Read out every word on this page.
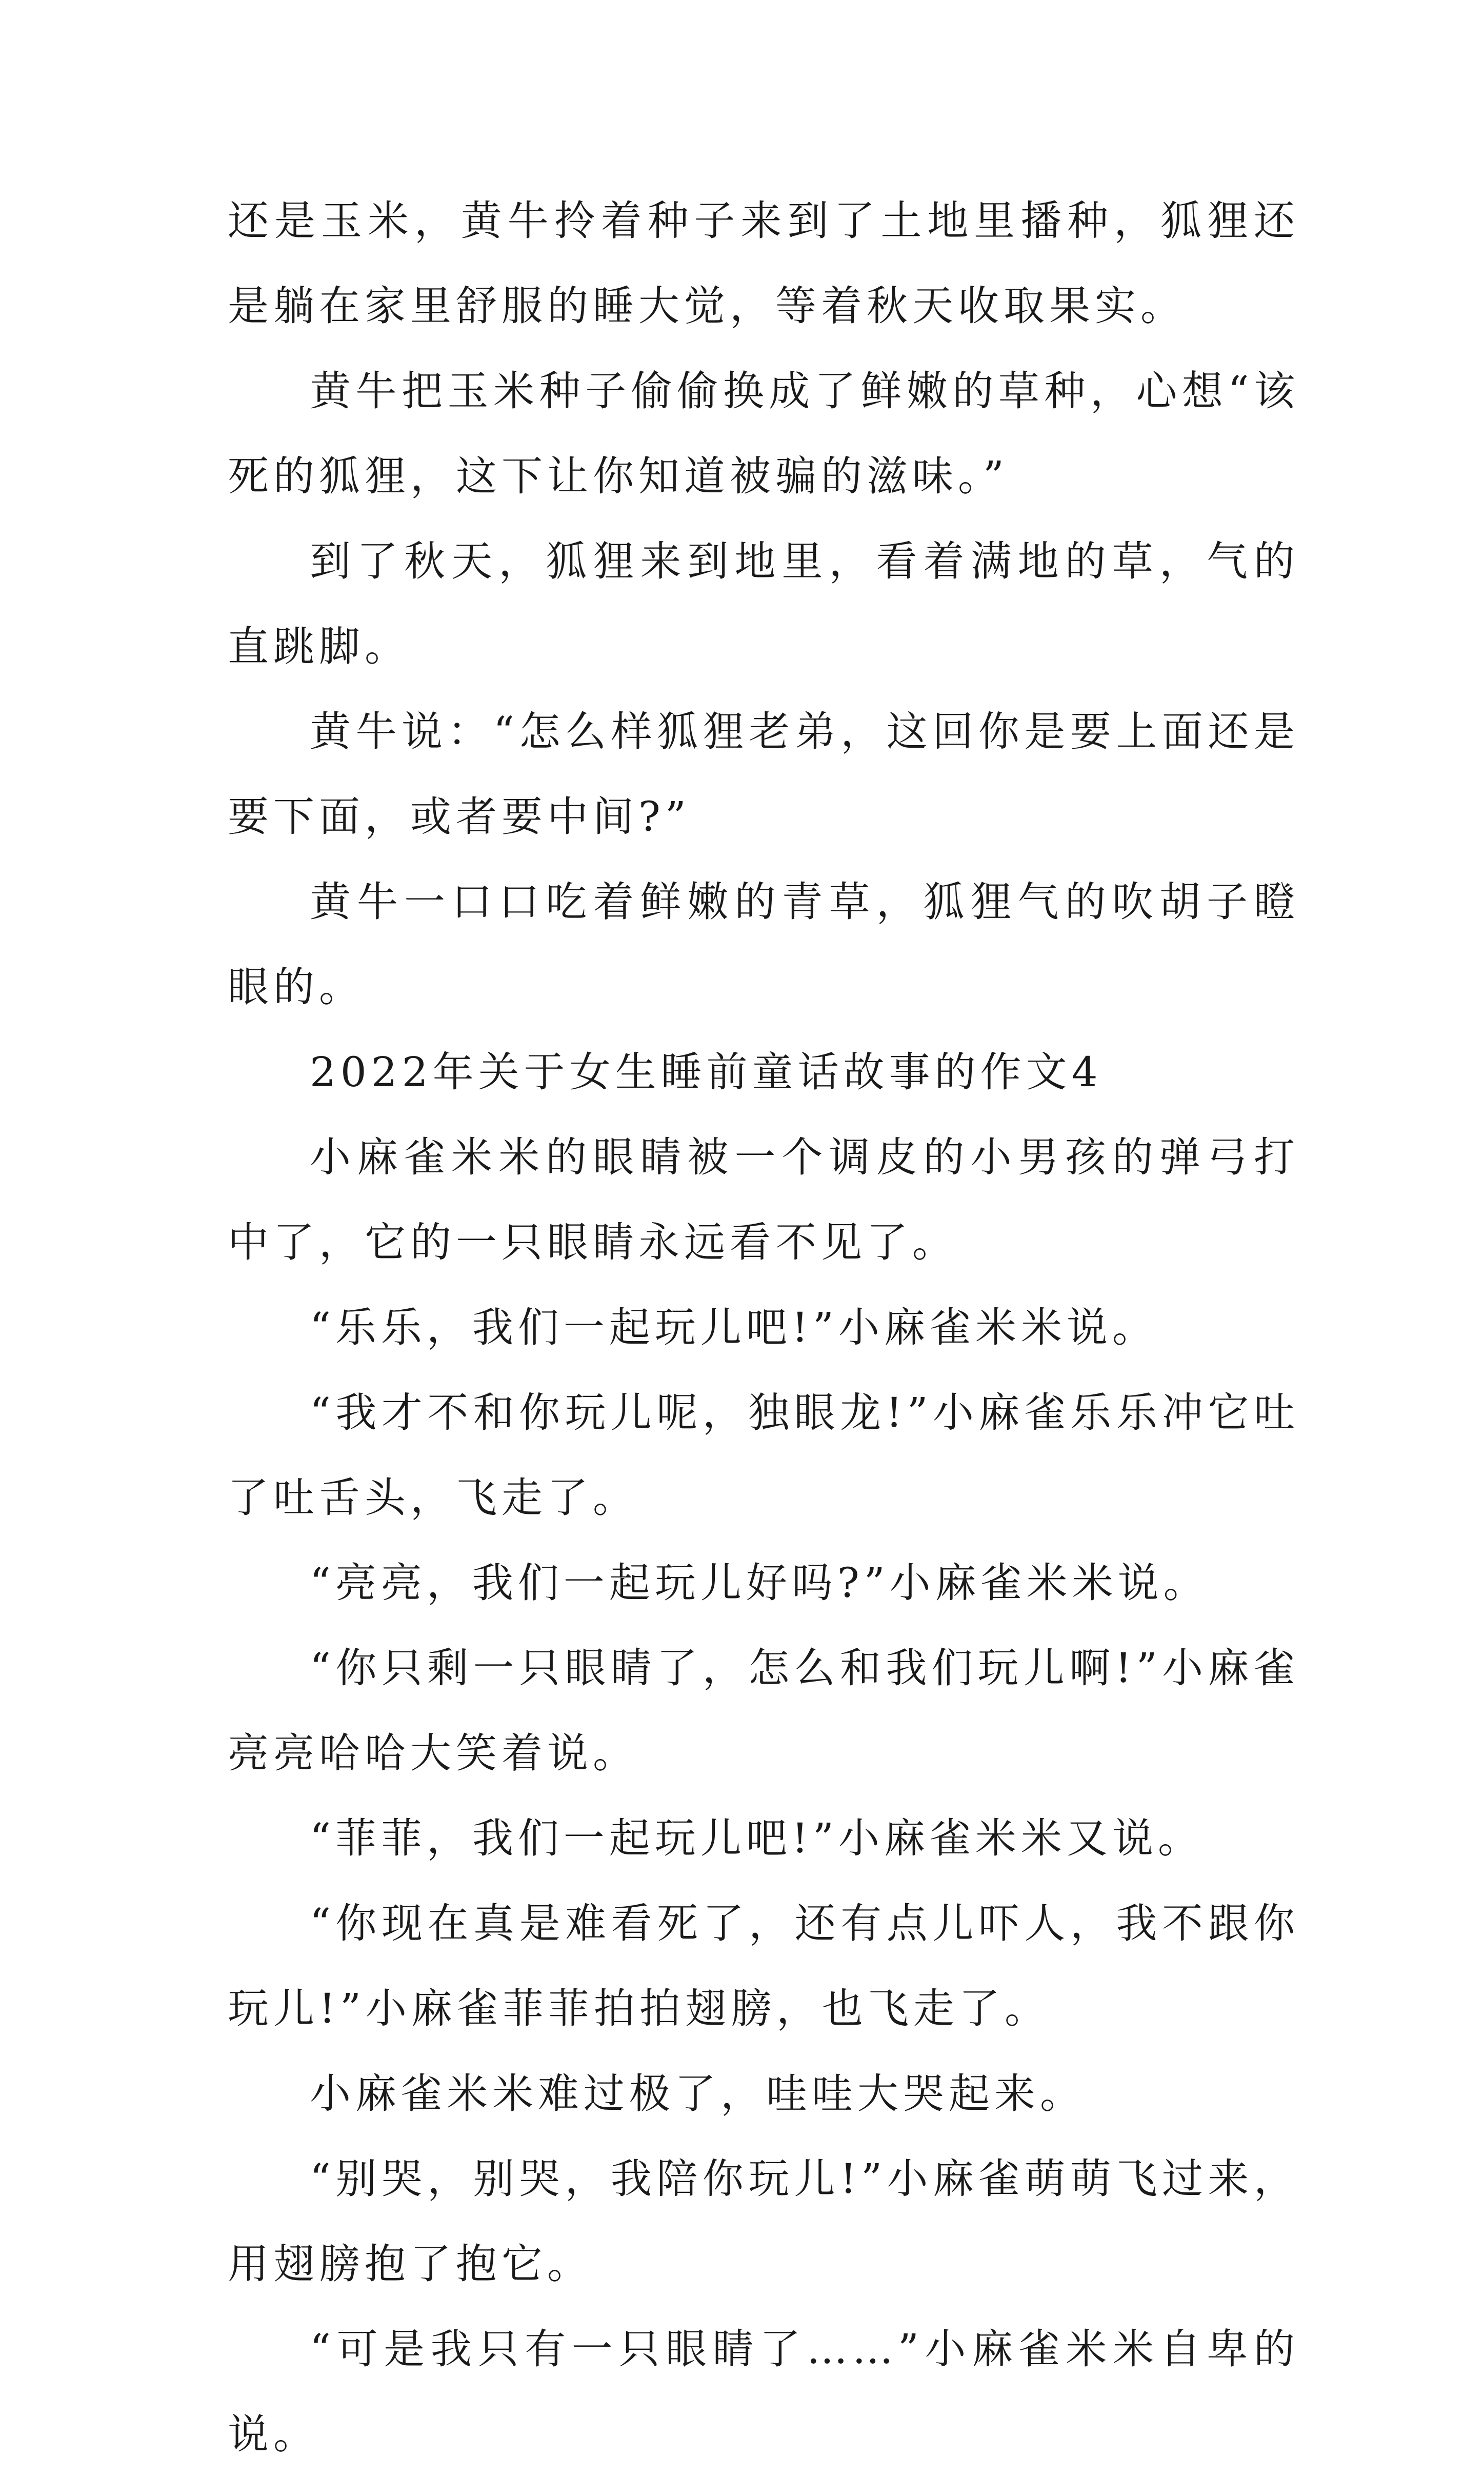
还是玉米，黄牛拎着种子来到了土地里播种，狐狸还是躺在家里舒服的睡大觉，等着秋天收取果实。

黄牛把玉米种子偷偷换成了鲜嫩的草种，心想“该死的狐狸，这下让你知道被骗的滋味。”

到了秋天，狐狸来到地里，看着满地的草，气的直跳脚。

黄牛说：“怎么样狐狸老弟，这回你是要上面还是要下面，或者要中间?”

黄牛一口口吃着鲜嫩的青草，狐狸气的吹胡子瞪眼的。

2022年关于女生睡前童话故事的作文4

小麻雀米米的眼睛被一个调皮的小男孩的弹弓打中了，它的一只眼睛永远看不见了。

“乐乐，我们一起玩儿吧!”小麻雀米米说。

“我才不和你玩儿呢，独眼龙!”小麻雀乐乐冲它吐了吐舌头，飞走了。

“亮亮，我们一起玩儿好吗?”小麻雀米米说。

“你只剩一只眼睛了，怎么和我们玩儿啊!”小麻雀亮亮哈哈大笑着说。

“菲菲，我们一起玩儿吧!”小麻雀米米又说。

“你现在真是难看死了，还有点儿吓人，我不跟你玩儿!”小麻雀菲菲拍拍翅膀，也飞走了。

小麻雀米米难过极了，哇哇大哭起来。

“别哭，别哭，我陪你玩儿!”小麻雀萌萌飞过来，用翅膀抱了抱它。

“可是我只有一只眼睛了……”小麻雀米米自卑的说。
